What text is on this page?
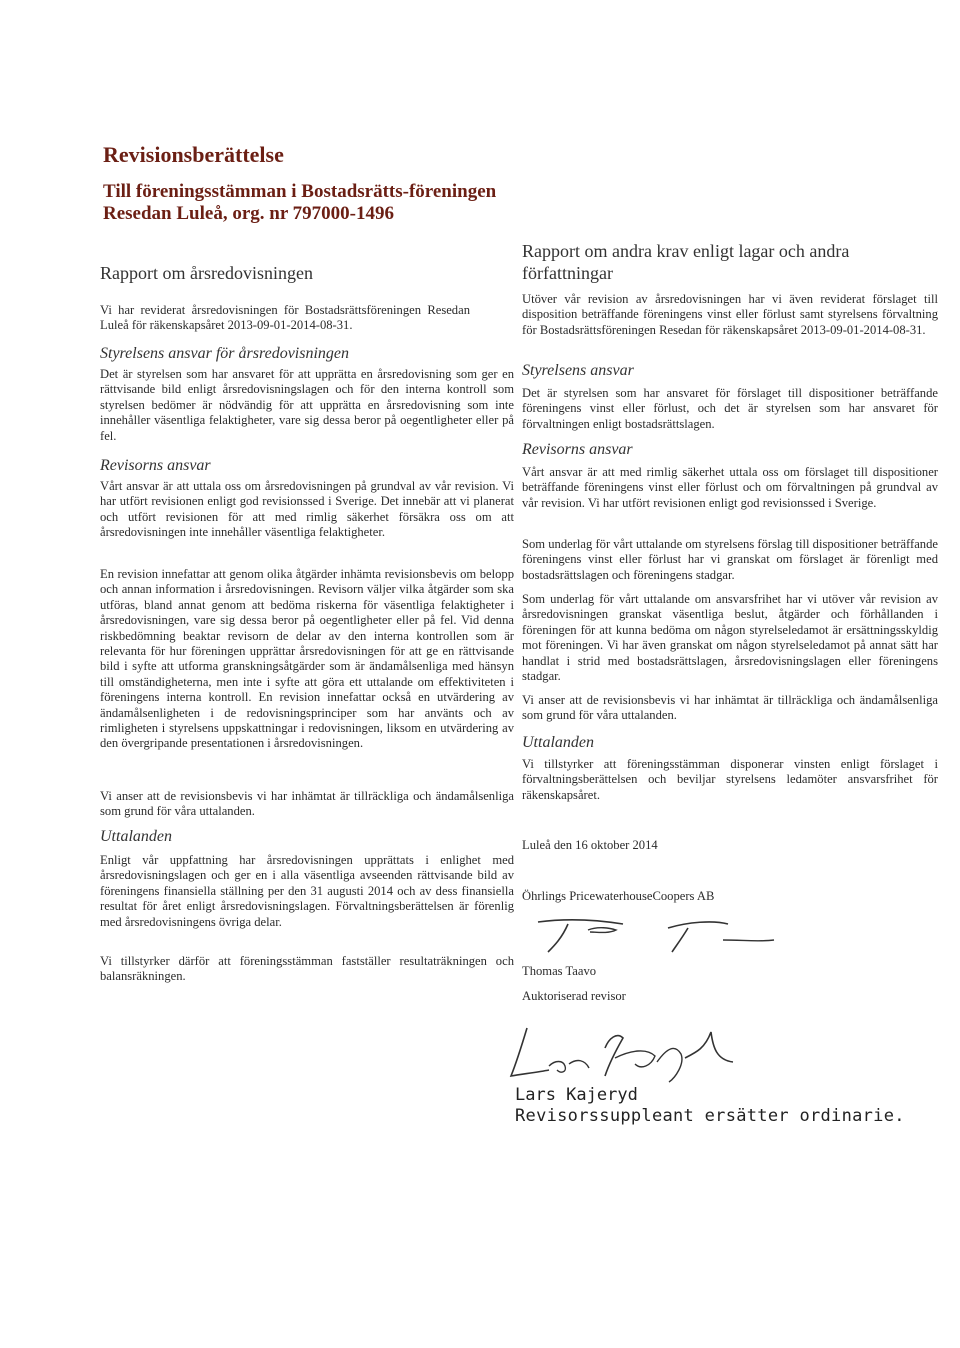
Revisionsberättelse
Till föreningsstämman i Bostadsrätts-föreningen Resedan Luleå, org. nr 797000-1496
Rapport om årsredovisningen

Vi har reviderat årsredovisningen för Bostadsrättsföreningen Resedan Luleå för räkenskapsåret 2013-09-01-2014-08-31.

Styrelsens ansvar för årsredovisningen

Det är styrelsen som har ansvaret för att upprätta en årsredovisning som ger en rättvisande bild enligt årsredovisningslagen och för den interna kontroll som styrelsen bedömer är nödvändig för att upprätta en årsredovisning som inte innehåller väsentliga felaktigheter, vare sig dessa beror på oegentligheter eller på fel.

Revisorns ansvar

Vårt ansvar är att uttala oss om årsredovisningen på grundval av vår revision. Vi har utfört revisionen enligt god revisionssed i Sverige. Det innebär att vi planerat och utfört revisionen för att med rimlig säkerhet försäkra oss om att årsredovisningen inte innehåller väsentliga felaktigheter.

En revision innefattar att genom olika åtgärder inhämta revisionsbevis om belopp och annan information i årsredovisningen. Revisorn väljer vilka åtgärder som ska utföras, bland annat genom att bedöma riskerna för väsentliga felaktigheter i årsredovisningen, vare sig dessa beror på oegentligheter eller på fel. Vid denna riskbedömning beaktar revisorn de delar av den interna kontrollen som är relevanta för hur föreningen upprättar årsredovisningen för att ge en rättvisande bild i syfte att utforma granskningsåtgärder som är ändamålsenliga med hänsyn till omständigheterna, men inte i syfte att göra ett uttalande om effektiviteten i föreningens interna kontroll. En revision innefattar också en utvärdering av ändamålsenligheten i de redovisningsprinciper som har använts och av rimligheten i styrelsens uppskattningar i redovisningen, liksom en utvärdering av den övergripande presentationen i årsredovisningen.

Vi anser att de revisionsbevis vi har inhämtat är tillräckliga och ändamålsenliga som grund för våra uttalanden.

Uttalanden

Enligt vår uppfattning har årsredovisningen upprättats i enlighet med årsredovisningslagen och ger en i alla väsentliga avseenden rättvisande bild av föreningens finansiella ställning per den 31 augusti 2014 och av dess finansiella resultat för året enligt årsredovisningslagen. Förvaltningsberättelsen är förenlig med årsredovisningens övriga delar.

Vi tillstyrker därför att föreningsstämman fastställer resultaträkningen och balansräkningen.

Rapport om andra krav enligt lagar och andra författningar

Utöver vår revision av årsredovisningen har vi även reviderat förslaget till disposition beträffande föreningens vinst eller förlust samt styrelsens förvaltning för Bostadsrättsföreningen Resedan för räkenskapsåret 2013-09-01-2014-08-31.

Styrelsens ansvar

Det är styrelsen som har ansvaret för förslaget till dispositioner beträffande föreningens vinst eller förlust, och det är styrelsen som har ansvaret för förvaltningen enligt bostadsrättslagen.

Revisorns ansvar

Vårt ansvar är att med rimlig säkerhet uttala oss om förslaget till dispositioner beträffande föreningens vinst eller förlust och om förvaltningen på grundval av vår revision. Vi har utfört revisionen enligt god revisionssed i Sverige.

Som underlag för vårt uttalande om styrelsens förslag till dispositioner beträffande föreningens vinst eller förlust har vi granskat om förslaget är förenligt med bostadsrättslagen och föreningens stadgar.

Som underlag för vårt uttalande om ansvarsfrihet har vi utöver vår revision av årsredovisningen granskat väsentliga beslut, åtgärder och förhållanden i föreningen för att kunna bedöma om någon styrelseledamot är ersättningsskyldig mot föreningen. Vi har även granskat om någon styrelseledamot på annat sätt har handlat i strid med bostadsrättslagen, årsredovisningslagen eller föreningens stadgar.

Vi anser att de revisionsbevis vi har inhämtat är tillräckliga och ändamålsenliga som grund för våra uttalanden.

Uttalanden

Vi tillstyrker att föreningsstämman disponerar vinsten enligt förslaget i förvaltningsberättelsen och beviljar styrelsens ledamöter ansvarsfrihet för räkenskapsåret.

Luleå den 16 oktober 2014

Öhrlings PricewaterhouseCoopers AB

Thomas Taavo

Auktoriserad revisor

Lars Kajeryd
Revisorssuppleant ersätter ordinarie.
